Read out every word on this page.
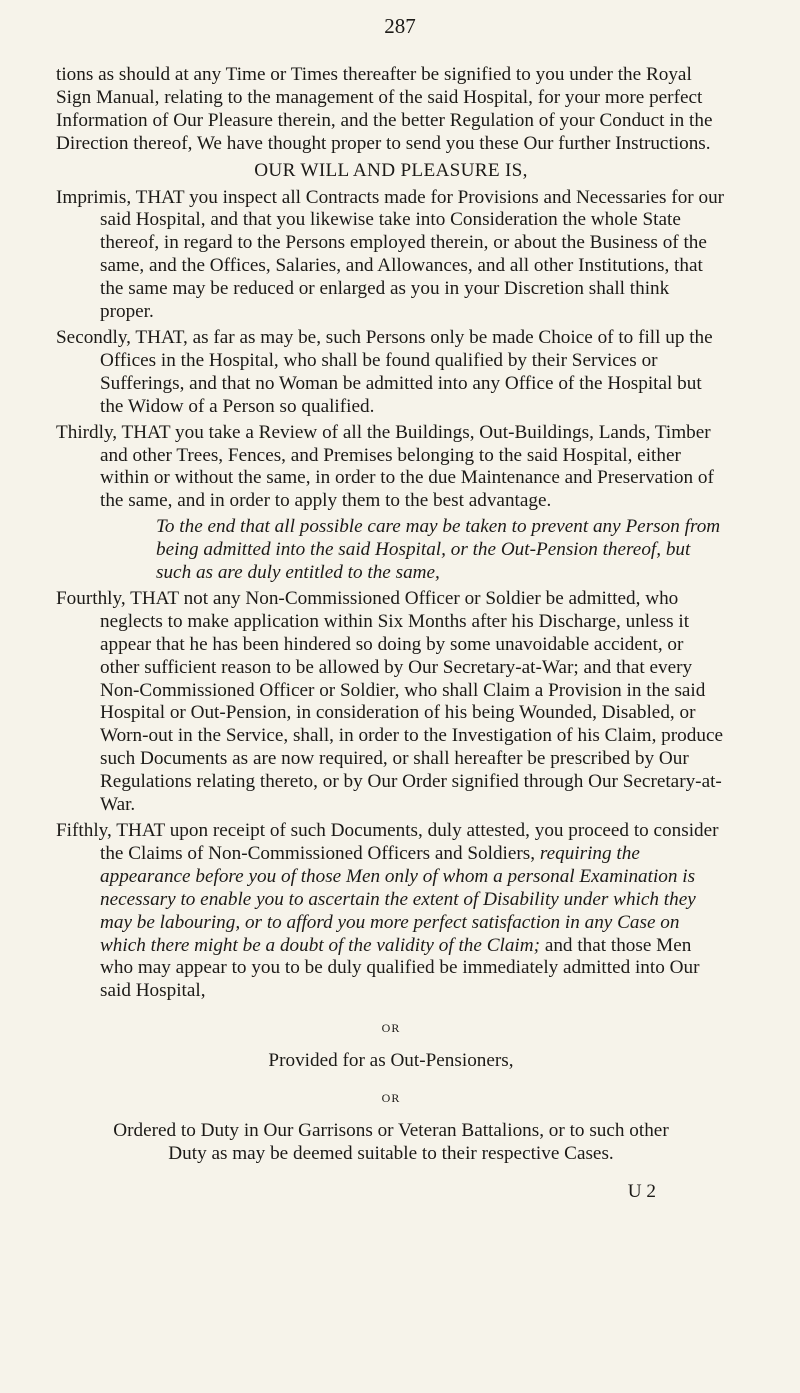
287

tions as should at any Time or Times thereafter be signified to you under the Royal Sign Manual, relating to the management of the said Hospital, for your more perfect Information of Our Pleasure therein, and the better Regulation of your Conduct in the Direction thereof, We have thought proper to send you these Our further Instructions.

OUR WILL AND PLEASURE IS,

Imprimis, THAT you inspect all Contracts made for Provisions and Necessaries for our said Hospital, and that you likewise take into Consideration the whole State thereof, in regard to the Persons employed therein, or about the Business of the same, and the Offices, Salaries, and Allowances, and all other Institutions, that the same may be reduced or enlarged as you in your Discretion shall think proper.

Secondly, THAT, as far as may be, such Persons only be made Choice of to fill up the Offices in the Hospital, who shall be found qualified by their Services or Sufferings, and that no Woman be admitted into any Office of the Hospital but the Widow of a Person so qualified.

Thirdly, THAT you take a Review of all the Buildings, Out-Buildings, Lands, Timber and other Trees, Fences, and Premises belonging to the said Hospital, either within or without the same, in order to the due Maintenance and Preservation of the same, and in order to apply them to the best advantage.

To the end that all possible care may be taken to prevent any Person from being admitted into the said Hospital, or the Out-Pension thereof, but such as are duly entitled to the same,

Fourthly, THAT not any Non-Commissioned Officer or Soldier be admitted, who neglects to make application within Six Months after his Discharge, unless it appear that he has been hindered so doing by some unavoidable accident, or other sufficient reason to be allowed by Our Secretary-at-War; and that every Non-Commissioned Officer or Soldier, who shall Claim a Provision in the said Hospital or Out-Pension, in consideration of his being Wounded, Disabled, or Worn-out in the Service, shall, in order to the Investigation of his Claim, produce such Documents as are now required, or shall hereafter be prescribed by Our Regulations relating thereto, or by Our Order signified through Our Secretary-at-War.

Fifthly, THAT upon receipt of such Documents, duly attested, you proceed to consider the Claims of Non-Commissioned Officers and Soldiers, requiring the appearance before you of those Men only of whom a personal Examination is necessary to enable you to ascertain the extent of Disability under which they may be labouring, or to afford you more perfect satisfaction in any Case on which there might be a doubt of the validity of the Claim; and that those Men who may appear to you to be duly qualified be immediately admitted into Our said Hospital,

OR

Provided for as Out-Pensioners,

OR

Ordered to Duty in Our Garrisons or Veteran Battalions, or to such other Duty as may be deemed suitable to their respective Cases.

U 2
